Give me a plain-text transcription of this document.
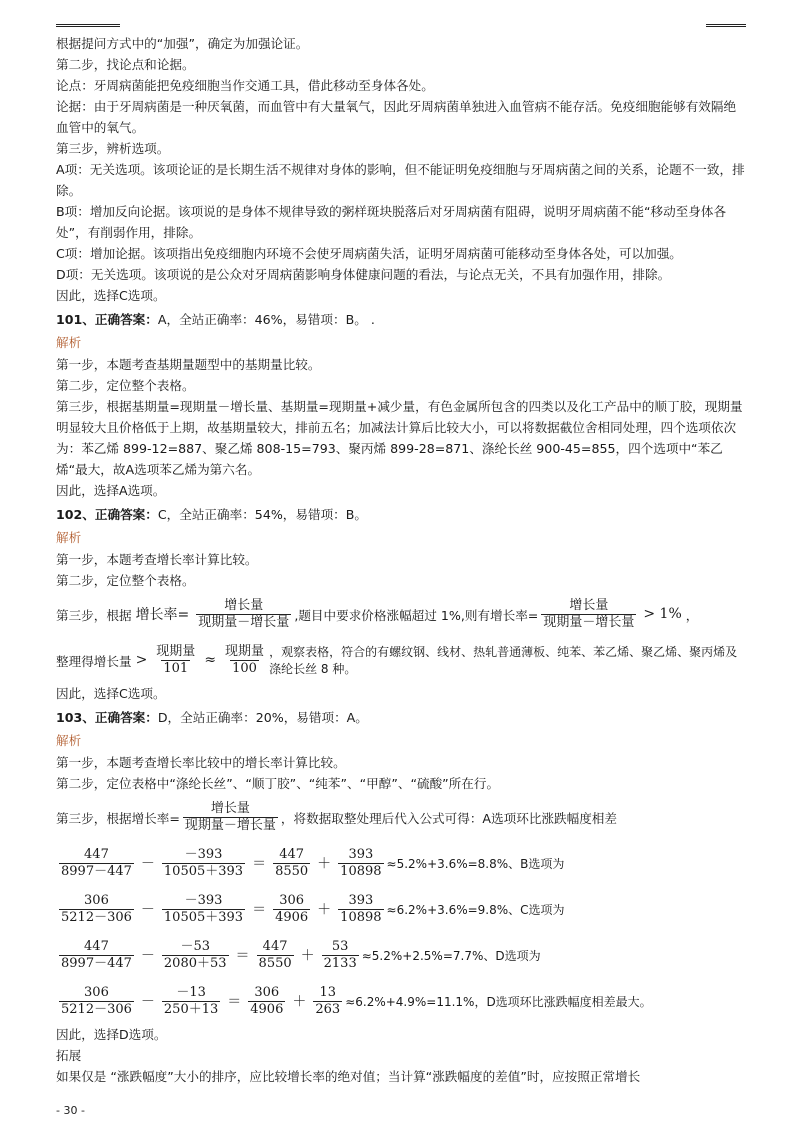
根据提问方式中的“加强”，确定为加强论证。
第二步，找论点和论据。
论点：牙周病菌能把免疫细胞当作交通工具，借此移动至身体各处。
论据：由于牙周病菌是一种厌氧菌，而血管中有大量氧气，因此牙周病菌单独进入血管病不能存活。免疫细胞能够有效隔绝血管中的氧气。
第三步，辨析选项。
A项：无关选项。该项论证的是长期生活不规律对身体的影响，但不能证明免疫细胞与牙周病菌之间的关系，论题不一致，排除。
B项：增加反向论据。该项说的是身体不规律导致的粥样斑块脱落后对牙周病菌有阻碍，说明牙周病菌不能“移动至身体各处”，有削弱作用，排除。
C项：增加论据。该项指出免疫细胞内环境不会使牙周病菌失活，证明牙周病菌可能移动至身体各处，可以加强。
D项：无关选项。该项说的是公众对牙周病菌影响身体健康问题的看法，与论点无关，不具有加强作用，排除。
因此，选择C选项。
101、正确答案：A，全站正确率：46%，易错项：B。 .
解析
第一步，本题考查基期量题型中的基期量比较。
第二步，定位整个表格。
第三步，根据基期量=现期量－增长量、基期量=现期量+减少量，有色金属所包含的四类以及化工产品中的顺丁胶，现期量明显较大且价格低于上期，故基期量较大，排前五名；加减法计算后比较大小，可以将数据截位舍相同处理，四个选项依次为：苯乙烯 899-12=887、聚乙烯 808-15=793、聚丙烯 899-28=871、涤纶长丝 900-45=855，四个选项中“苯乙烯“最大，故A选项苯乙烯为第六名。
因此，选择A选项。
102、正确答案：C，全站正确率：54%，易错项：B。
解析
第一步，本题考查增长率计算比较。
第二步，定位整个表格。
第三步，根据 增长率= $\frac{\text{增长量}}{\text{现期量－增长量}}$ ,题目中要求价格涨幅超过 1%,则有增长率= $\frac{\text{增长量}}{\text{现期量－增长量}} > 1\%$ ，
整理得增长量 > $\frac{\text{现期量}}{101} \approx \frac{\text{现期量}}{100}$ ，观察表格，符合的有螺纹钢、线材、热轧普通薄板、纯苯、苯乙烯、聚乙烯、聚丙烯及涤纶长丝 8 种。
因此，选择C选项。
103、正确答案：D，全站正确率：20%，易错项：A。
解析
第一步，本题考查增长率比较中的增长率计算比较。
第二步，定位表格中“涤纶长丝”、“顺丁胶”、“纯苯”、“甲醇”、“硫酸”所在行。
第三步，根据增长率= $\frac{\text{增长量}}{\text{现期量－增长量}}$ ，将数据取整处理后代入公式可得：A选项环比涨跌幅度相差
$\frac{447}{8997-447} - \frac{-393}{10505+393} = \frac{447}{8550} + \frac{393}{10898} \approx 5.2\%+3.6\%=8.8\%$、B选项为
$\frac{306}{5212-306} - \frac{-393}{10505+393} = \frac{306}{4906} + \frac{393}{10898} \approx 6.2\%+3.6\%=9.8\%$、C选项为
$\frac{447}{8997-447} - \frac{-53}{2080+53} = \frac{447}{8550} + \frac{53}{2133} \approx 5.2\%+2.5\%=7.7\%$、D选项为
$\frac{306}{5212-306} - \frac{-13}{250+13} = \frac{306}{4906} + \frac{13}{263} \approx 6.2\%+4.9\%=11.1\%$，D选项环比涨跌幅度相差最大。
因此，选择D选项。
拓展
如果仅是 “涨跌幅度”大小的排序，应比较增长率的绝对值；当计算“涨跌幅度的差值”时，应按照正常增长
- 30 -
